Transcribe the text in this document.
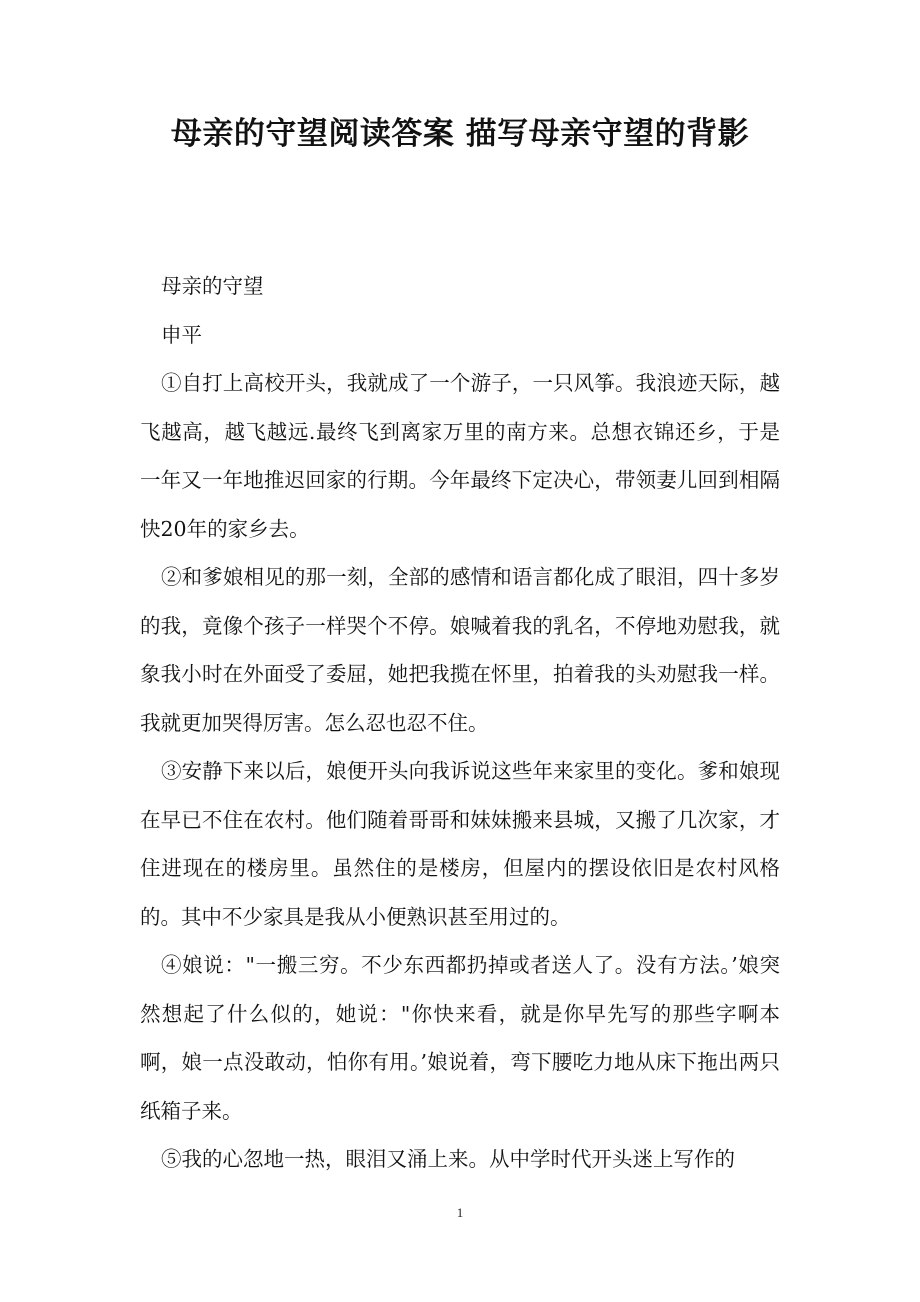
母亲的守望阅读答案 描写母亲守望的背影

母亲的守望

申平

①自打上高校开头，我就成了一个游子，一只风筝。我浪迹天际，越飞越高，越飞越远.最终飞到离家万里的南方来。总想衣锦还乡，于是一年又一年地推迟回家的行期。今年最终下定决心，带领妻儿回到相隔快20年的家乡去。

②和爹娘相见的那一刻，全部的感情和语言都化成了眼泪，四十多岁的我，竟像个孩子一样哭个不停。娘喊着我的乳名，不停地劝慰我，就象我小时在外面受了委屈，她把我揽在怀里，拍着我的头劝慰我一样。我就更加哭得厉害。怎么忍也忍不住。

③安静下来以后，娘便开头向我诉说这些年来家里的变化。爹和娘现在早已不住在农村。他们随着哥哥和妹妹搬来县城，又搬了几次家，才住进现在的楼房里。虽然住的是楼房，但屋内的摆设依旧是农村风格的。其中不少家具是我从小便熟识甚至用过的。

④娘说："一搬三穷。不少东西都扔掉或者送人了。没有方法。’娘突然想起了什么似的，她说："你快来看，就是你早先写的那些字啊本啊，娘一点没敢动，怕你有用。’娘说着，弯下腰吃力地从床下拖出两只纸箱子来。

⑤我的心忽地一热，眼泪又涌上来。从中学时代开头迷上写作的

1
